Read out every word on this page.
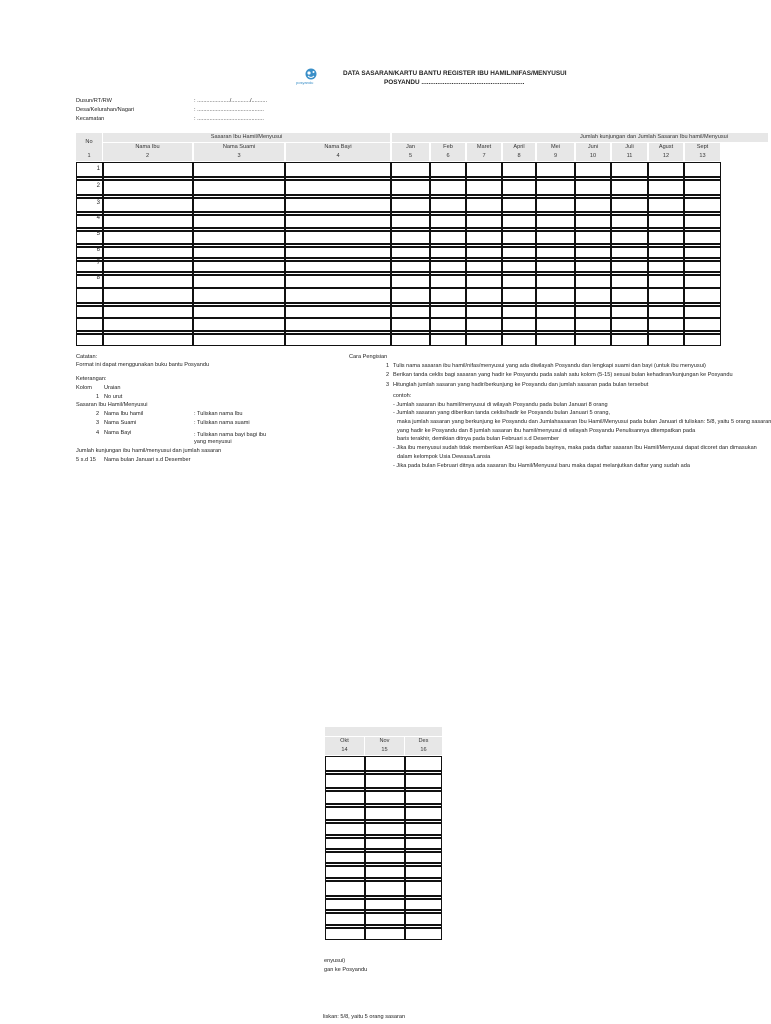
posyandu
DATA SASARAN/KARTU BANTU REGISTER IBU HAMIL/NIFAS/MENYUSUI
POSYANDU ..........................................................
Dusun/RT/RW	: ...................../............/..........
Desa/Kelurahan/Nagari	: ...........................................
Kecamatan	: ...........................................
No
Sasaran Ibu Hamil/Menyusui	Jumlah kunjungan dan Jumlah Sasaran Ibu hamil/Menyusui
Nama Ibu	Nama Suami	Nama Bayi	Jan	Feb	Maret	April	Mei	Juni	Juli	Agust	Sept
1	2	3	4	5	6	7	8	9	10	11	12	13
1
2
3
4
5
6
7
8
Catatan:
Format ini dapat menggunakan buku bantu Posyandu
Keterangan:
Kolom Uraian
1 No urut
Sasaran Ibu Hamil/Menyusui
2 Nama Ibu hamil	: Tuliskan nama Ibu
3 Nama Suami	: Tuliskan nama suami
4 Nama Bayi	: Tuliskan nama bayi bagi ibu
yang menyusui
Jumlah kunjungan ibu hamil/menyusui dan jumlah sasaran
5 s.d 15 Nama bulan Januari s.d Desember
Cara Pengisian
1 Tulis nama sasaran ibu hamil/nifas/menyusui yang ada diwilayah Posyandu dan lengkapi suami dan bayi (untuk ibu menyusui)
2 Berikan tanda ceklis bagi sasaran yang hadir ke Posyandu pada salah satu kolom (5-15) sesuai bulan kehadiran/kunjungan ke Posyandu
3 Hitunglah jumlah sasaran yang hadir/berkunjung ke Posyandu dan jumlah sasaran pada bulan tersebut
contoh:
- Jumlah sasaran ibu hamil/menyusui di wilayah Posyandu pada bulan Januari 8 orang
- Jumlah sasaran yang diberikan tanda ceklis/hadir ke Posyandu bulan Januari 5 orang,
maka jumlah sasaran yang berkunjung ke Posyandu dan Jumlahsasaran Ibu Hamil/Menyusui pada bulan Januari di tuliskan: 5/8, yaitu 5 orang sasaran
yang hadir ke Posyandu dan 8 jumlah sasaran ibu hamil/menyusui di wilayah Posyandu Penulisannya ditempatkan pada
baris terakhir, demikian ditnya pada bulan Februari s.d Desember
- Jika ibu menyusui sudah tidak memberikan ASI lagi kepada bayinya, maka pada daftar sasaran Ibu Hamil/Menyusui dapat dicoret dan dimasukan
dalam kelompok Usia Dewasa/Lansia
- Jika pada bulan Februari ditnya ada sasaran Ibu Hamil/Menyusui baru maka dapat melanjutkan daftar yang sudah ada
Okt	Nov	Des
14	15	16
enyusui)
gan ke Posyandu
liskan: 5/8, yaitu 5 orang sasaran
